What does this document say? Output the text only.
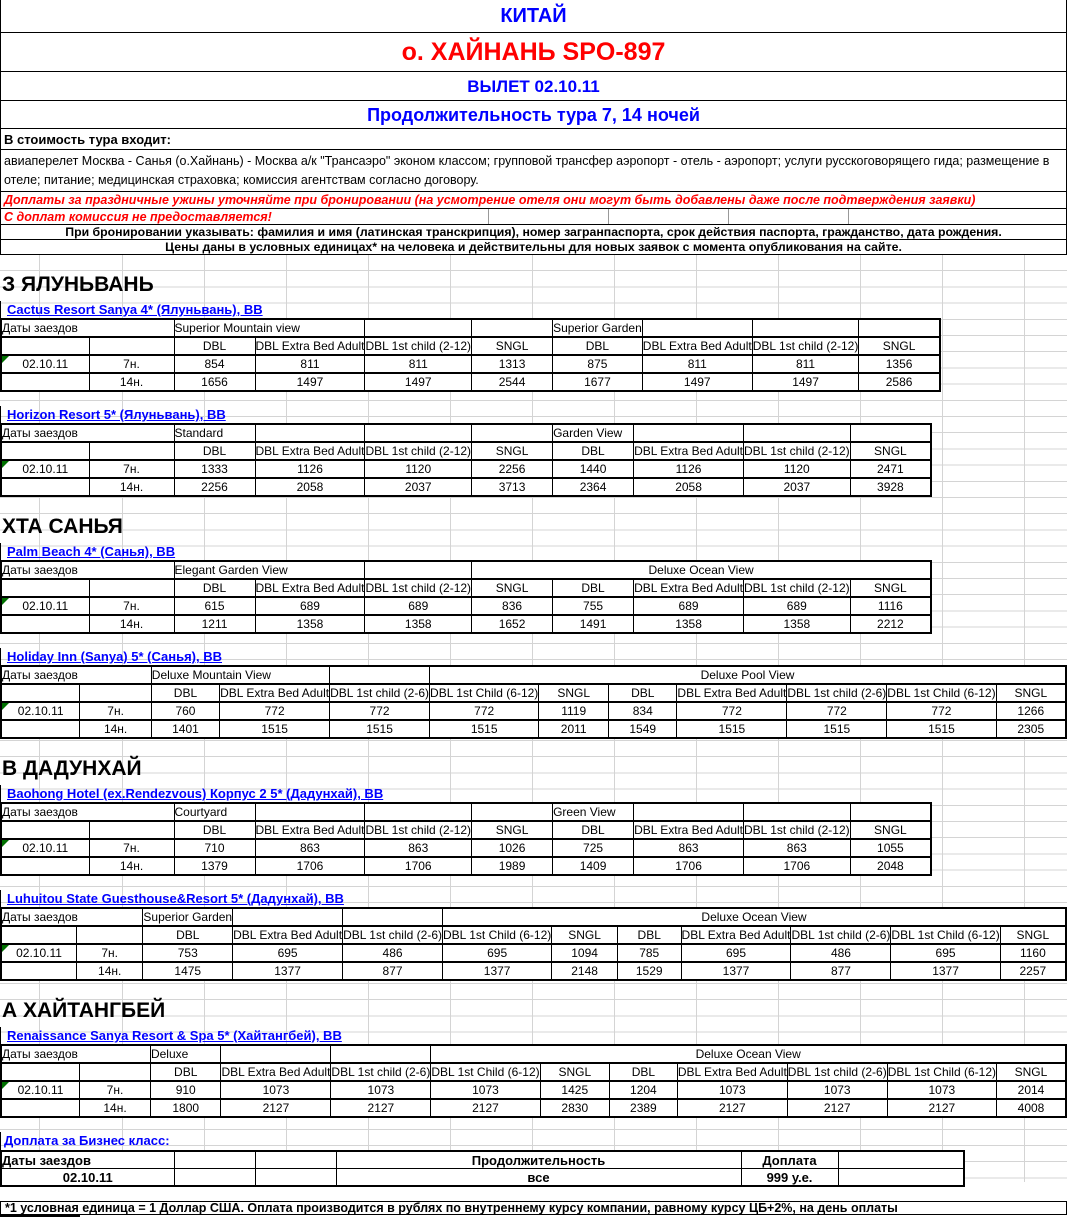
КИТАЙ
о. ХАЙНАНЬ SPO-897
ВЫЛЕТ 02.10.11
Продолжительность тура 7, 14 ночей
В стоимость тура входит:
авиаперелет Москва - Санья (о.Хайнань) - Москва а/к "Трансаэро" эконом классом; групповой трансфер аэропорт - отель - аэропорт; услуги русскоговорящего гида; размещение в отеле; питание; медицинская страховка; комиссия агентствам согласно договору.
Доплаты за праздничные ужины уточняйте при бронировании (на усмотрение отеля они могут быть добавлены даже после подтверждения заявки)
С доплат комиссия не предоставляется!
При бронировании указывать: фамилия и имя (латинская транскрипция), номер загранпаспорта, срок действия паспорта, гражданство, дата рождения.
Цены даны в условных единицах* на человека и действительны для новых заявок с момента опубликования на сайте.
З ЯЛУНЬВАНЬ
Cactus Resort Sanya 4* (Ялуньвань), ВВ
Даты заездов		Superior Mountain view				Superior Garden			
		DBL	DBL Extra Bed Adult	DBL 1st child (2-12)	SNGL	DBL	DBL Extra Bed Adult	DBL 1st child (2-12)	SNGL
02.10.11	7н.	854	811	811	1313	875	811	811	1356
	14н.	1656	1497	1497	2544	1677	1497	1497	2586
Horizon Resort 5* (Ялуньвань), ВВ
Даты заездов		Standard				Garden View			
		DBL	DBL Extra Bed Adult	DBL 1st child (2-12)	SNGL	DBL	DBL Extra Bed Adult	DBL 1st child (2-12)	SNGL
02.10.11	7н.	1333	1126	1120	2256	1440	1126	1120	2471
	14н.	2256	2058	2037	3713	2364	2058	2037	3928
ХТА САНЬЯ
Palm Beach 4* (Санья), ВВ
Даты заездов		Elegant Garden View			Deluxe Ocean View				
		DBL	DBL Extra Bed Adult	DBL 1st child (2-12)	SNGL	DBL	DBL Extra Bed Adult	DBL 1st child (2-12)	SNGL
02.10.11	7н.	615	689	689	836	755	689	689	1116
	14н.	1211	1358	1358	1652	1491	1358	1358	2212
Holiday Inn (Sanya) 5* (Санья), ВВ
Даты заездов		Deluxe Mountain View			Deluxe Pool View						
		DBL	DBL Extra Bed Adult	DBL 1st child (2-6)	DBL 1st Child (6-12)	SNGL	DBL	DBL Extra Bed Adult	DBL 1st child (2-6)	DBL 1st Child (6-12)	SNGL
02.10.11	7н.	760	772	772	772	1119	834	772	772	772	1266
	14н.	1401	1515	1515	1515	2011	1549	1515	1515	1515	2305
В ДАДУНХАЙ
Baohong Hotel (ex.Rendezvous) Корпус 2 5* (Дадунхай), ВВ
Даты заездов		Courtyard				Green View			
		DBL	DBL Extra Bed Adult	DBL 1st child (2-12)	SNGL	DBL	DBL Extra Bed Adult	DBL 1st child (2-12)	SNGL
02.10.11	7н.	710	863	863	1026	725	863	863	1055
	14н.	1379	1706	1706	1989	1409	1706	1706	2048
Luhuitou State Guesthouse&Resort 5* (Дадунхай), ВВ
Даты заездов		Superior Garden			Deluxe Ocean View						
		DBL	DBL Extra Bed Adult	DBL 1st child (2-6)	DBL 1st Child (6-12)	SNGL	DBL	DBL Extra Bed Adult	DBL 1st child (2-6)	DBL 1st Child (6-12)	SNGL
02.10.11	7н.	753	695	486	695	1094	785	695	486	695	1160
	14н.	1475	1377	877	1377	2148	1529	1377	877	1377	2257
А ХАЙТАНГБЕЙ
Renaissance Sanya Resort & Spa 5* (Хайтангбей), ВВ
Даты заездов		Deluxe			Deluxe Ocean View						
		DBL	DBL Extra Bed Adult	DBL 1st child (2-6)	DBL 1st Child (6-12)	SNGL	DBL	DBL Extra Bed Adult	DBL 1st child (2-6)	DBL 1st Child (6-12)	SNGL
02.10.11	7н.	910	1073	1073	1073	1425	1204	1073	1073	1073	2014
	14н.	1800	2127	2127	2127	2830	2389	2127	2127	2127	4008
Доплата за Бизнес класс:
Даты заездов			Продолжительность	Доплата	
02.10.11			все	999 у.е.	
*1 условная единица = 1 Доллар США. Оплата производится в рублях по внутреннему курсу компании, равному курсу ЦБ+2%, на день оплаты
